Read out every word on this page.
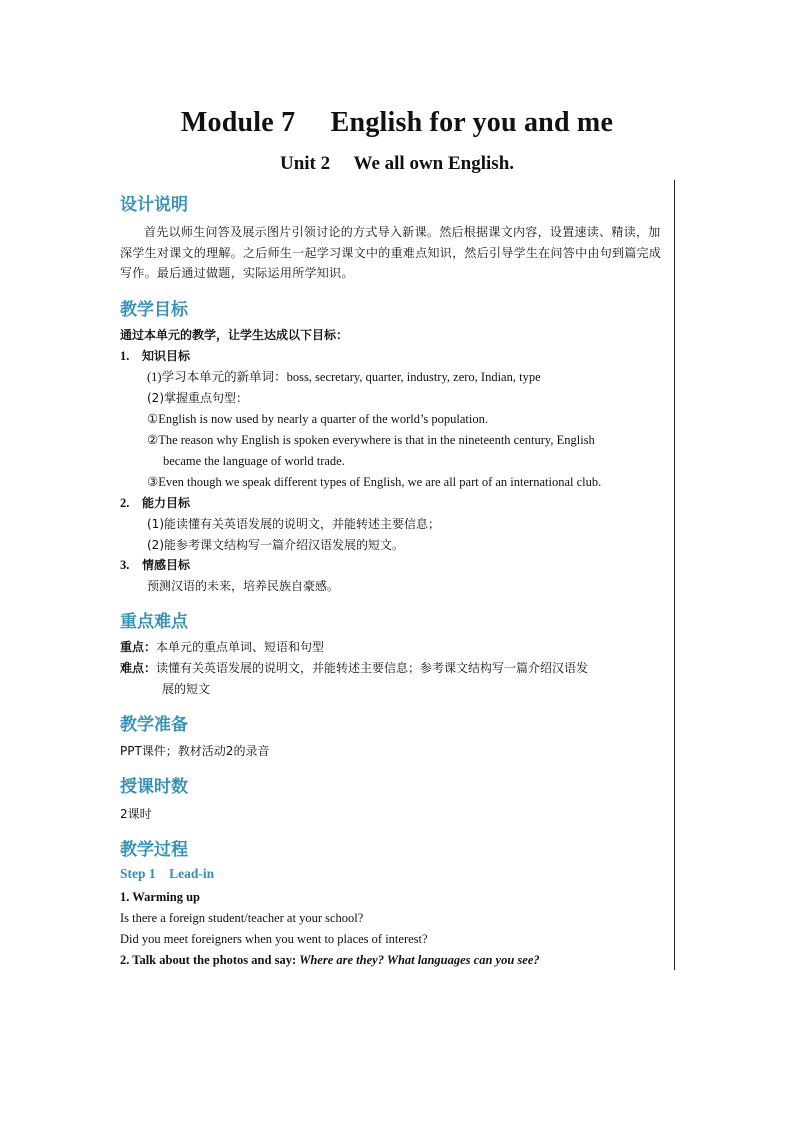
Module 7　 English for you and me
Unit 2　 We all own English.
设计说明
首先以师生问答及展示图片引领讨论的方式导入新课。然后根据课文内容，设置速读、精读，加深学生对课文的理解。之后师生一起学习课文中的重难点知识，然后引导学生在问答中由句到篇完成写作。最后通过做题，实际运用所学知识。
教学目标
通过本单元的教学，让学生达成以下目标：
1. 知识目标
(1)学习本单元的新单词：boss, secretary, quarter, industry, zero, Indian, type
(2)掌握重点句型：
①English is now used by nearly a quarter of the world’s population.
②The reason why English is spoken everywhere is that in the nineteenth century, English
became the language of world trade.
③Even though we speak different types of English, we are all part of an international club.
2. 能力目标
(1)能读懂有关英语发展的说明文，并能转述主要信息；
(2)能参考课文结构写一篇介绍汉语发展的短文。
3. 情感目标
预测汉语的未来，培养民族自豪感。
重点难点
重点：本单元的重点单词、短语和句型
难点：读懂有关英语发展的说明文，并能转述主要信息；参考课文结构写一篇介绍汉语发
展的短文
教学准备
PPT课件；教材活动2的录音
授课时数
2课时
教学过程
Step 1 Lead-in
1. Warming up
Is there a foreign student/teacher at your school?
Did you meet foreigners when you went to places of interest?
2. Talk about the photos and say: Where are they? What languages can you see?
